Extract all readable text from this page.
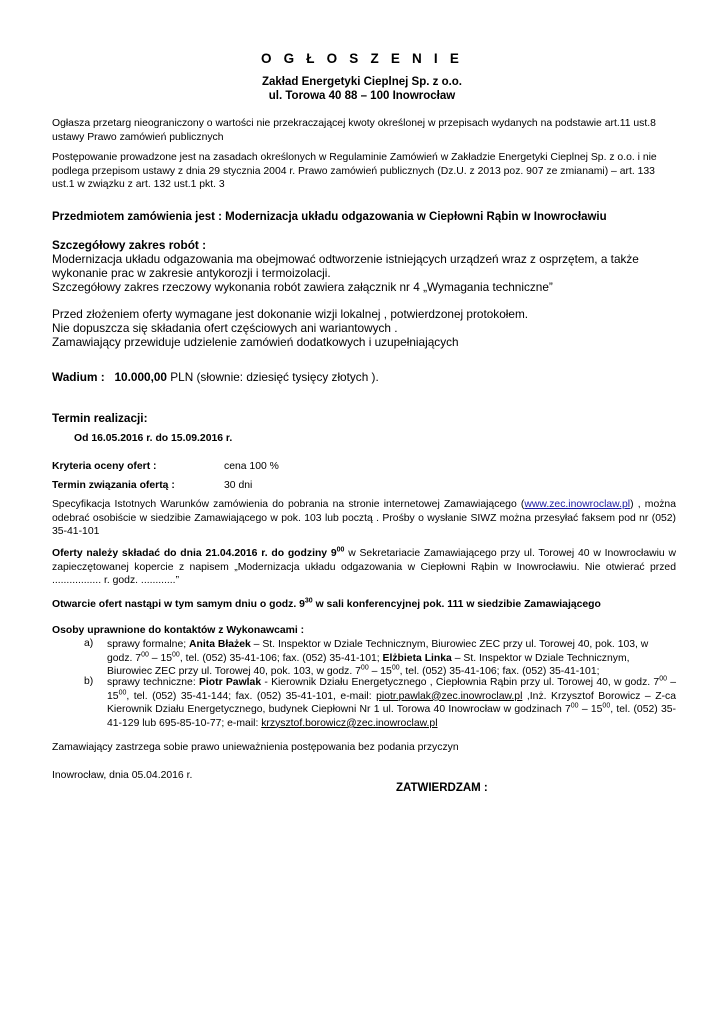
O G Ł O S Z E N I E
Zakład Energetyki Cieplnej Sp. z o.o.
ul. Torowa 40 88 – 100 Inowrocław
Ogłasza przetarg nieograniczony o wartości nie przekraczającej kwoty określonej w przepisach wydanych na podstawie art.11 ust.8 ustawy Prawo zamówień publicznych
Postępowanie prowadzone jest na zasadach określonych w Regulaminie Zamówień w Zakładzie Energetyki Cieplnej Sp. z o.o. i nie podlega przepisom ustawy z dnia 29 stycznia 2004 r. Prawo zamówień publicznych (Dz.U. z 2013 poz. 907 ze zmianami) – art. 133 ust.1 w związku z art. 132 ust.1 pkt. 3
Przedmiotem zamówienia jest : Modernizacja układu odgazowania w Ciepłowni Rąbin w Inowrocławiu
Szczegółowy zakres robót :
Modernizacja układu odgazowania ma obejmować odtworzenie istniejących urządzeń wraz z osprzętem, a także wykonanie prac w zakresie antykorozji i termoizolacji.
Szczegółowy zakres rzeczowy wykonania robót zawiera załącznik nr 4 „Wymagania techniczne”
Przed złożeniem oferty wymagane jest dokonanie wizji lokalnej , potwierdzonej protokołem.
Nie dopuszcza się składania ofert częściowych ani wariantowych .
Zamawiający przewiduje udzielenie zamówień dodatkowych i uzupełniających
Wadium : 10.000,00 PLN (słownie: dziesięć tysięcy złotych ).
Termin realizacji:
Od 16.05.2016 r. do 15.09.2016 r.
Kryteria oceny ofert :	cena 100 %
Termin związania ofertą :	30 dni
Specyfikacja Istotnych Warunków zamówienia do pobrania na stronie internetowej Zamawiającego (www.zec.inowroclaw.pl) , można odebrać osobiście w siedzibie Zamawiającego w pok. 103 lub pocztą . Prośby o wysłanie SIWZ można przesyłać faksem pod nr (052) 35-41-101
Oferty należy składać do dnia 21.04.2016 r. do godziny $9^{00}$ w Sekretariacie Zamawiającego przy ul. Torowej 40 w Inowrocławiu w zapieczętowanej kopercie z napisem „Modernizacja układu odgazowania w Ciepłowni Rąbin w Inowrocławiu. Nie otwierać przed ................. r. godz. ............”
Otwarcie ofert nastąpi w tym samym dniu o godz. $9^{30}$ w sali konferencyjnej pok. 111 w siedzibie Zamawiającego
Osoby uprawnione do kontaktów z Wykonawcami :
a) sprawy formalne; Anita Błażek – St. Inspektor w Dziale Technicznym, Biurowiec ZEC przy ul. Torowej 40, pok. 103, w godz. $7^{00} - 15^{00}$, tel. (052) 35-41-106; fax. (052) 35-41-101; Elżbieta Linka – St. Inspektor w Dziale Technicznym, Biurowiec ZEC przy ul. Torowej 40, pok. 103, w godz. $7^{00} - 15^{00}$, tel. (052) 35-41-106; fax. (052) 35-41-101;
b) sprawy techniczne: Piotr Pawlak - Kierownik Działu Energetycznego , Ciepłownia Rąbin przy ul. Torowej 40, w godz. $7^{00} - 15^{00}$, tel. (052) 35-41-144; fax. (052) 35-41-101, e-mail: piotr.pawlak@zec.inowroclaw.pl ,Inż. Krzysztof Borowicz – Z-ca Kierownik Działu Energetycznego, budynek Ciepłowni Nr 1 ul. Torowa 40 Inowrocław w godzinach $7^{00} - 15^{00}$, tel. (052) 35-41-129 lub 695-85-10-77; e-mail: krzysztof.borowicz@zec.inowroclaw.pl
Zamawiający zastrzega sobie prawo unieważnienia postępowania bez podania przyczyn
Inowrocław, dnia 05.04.2016 r.
ZATWIERDZAM :
